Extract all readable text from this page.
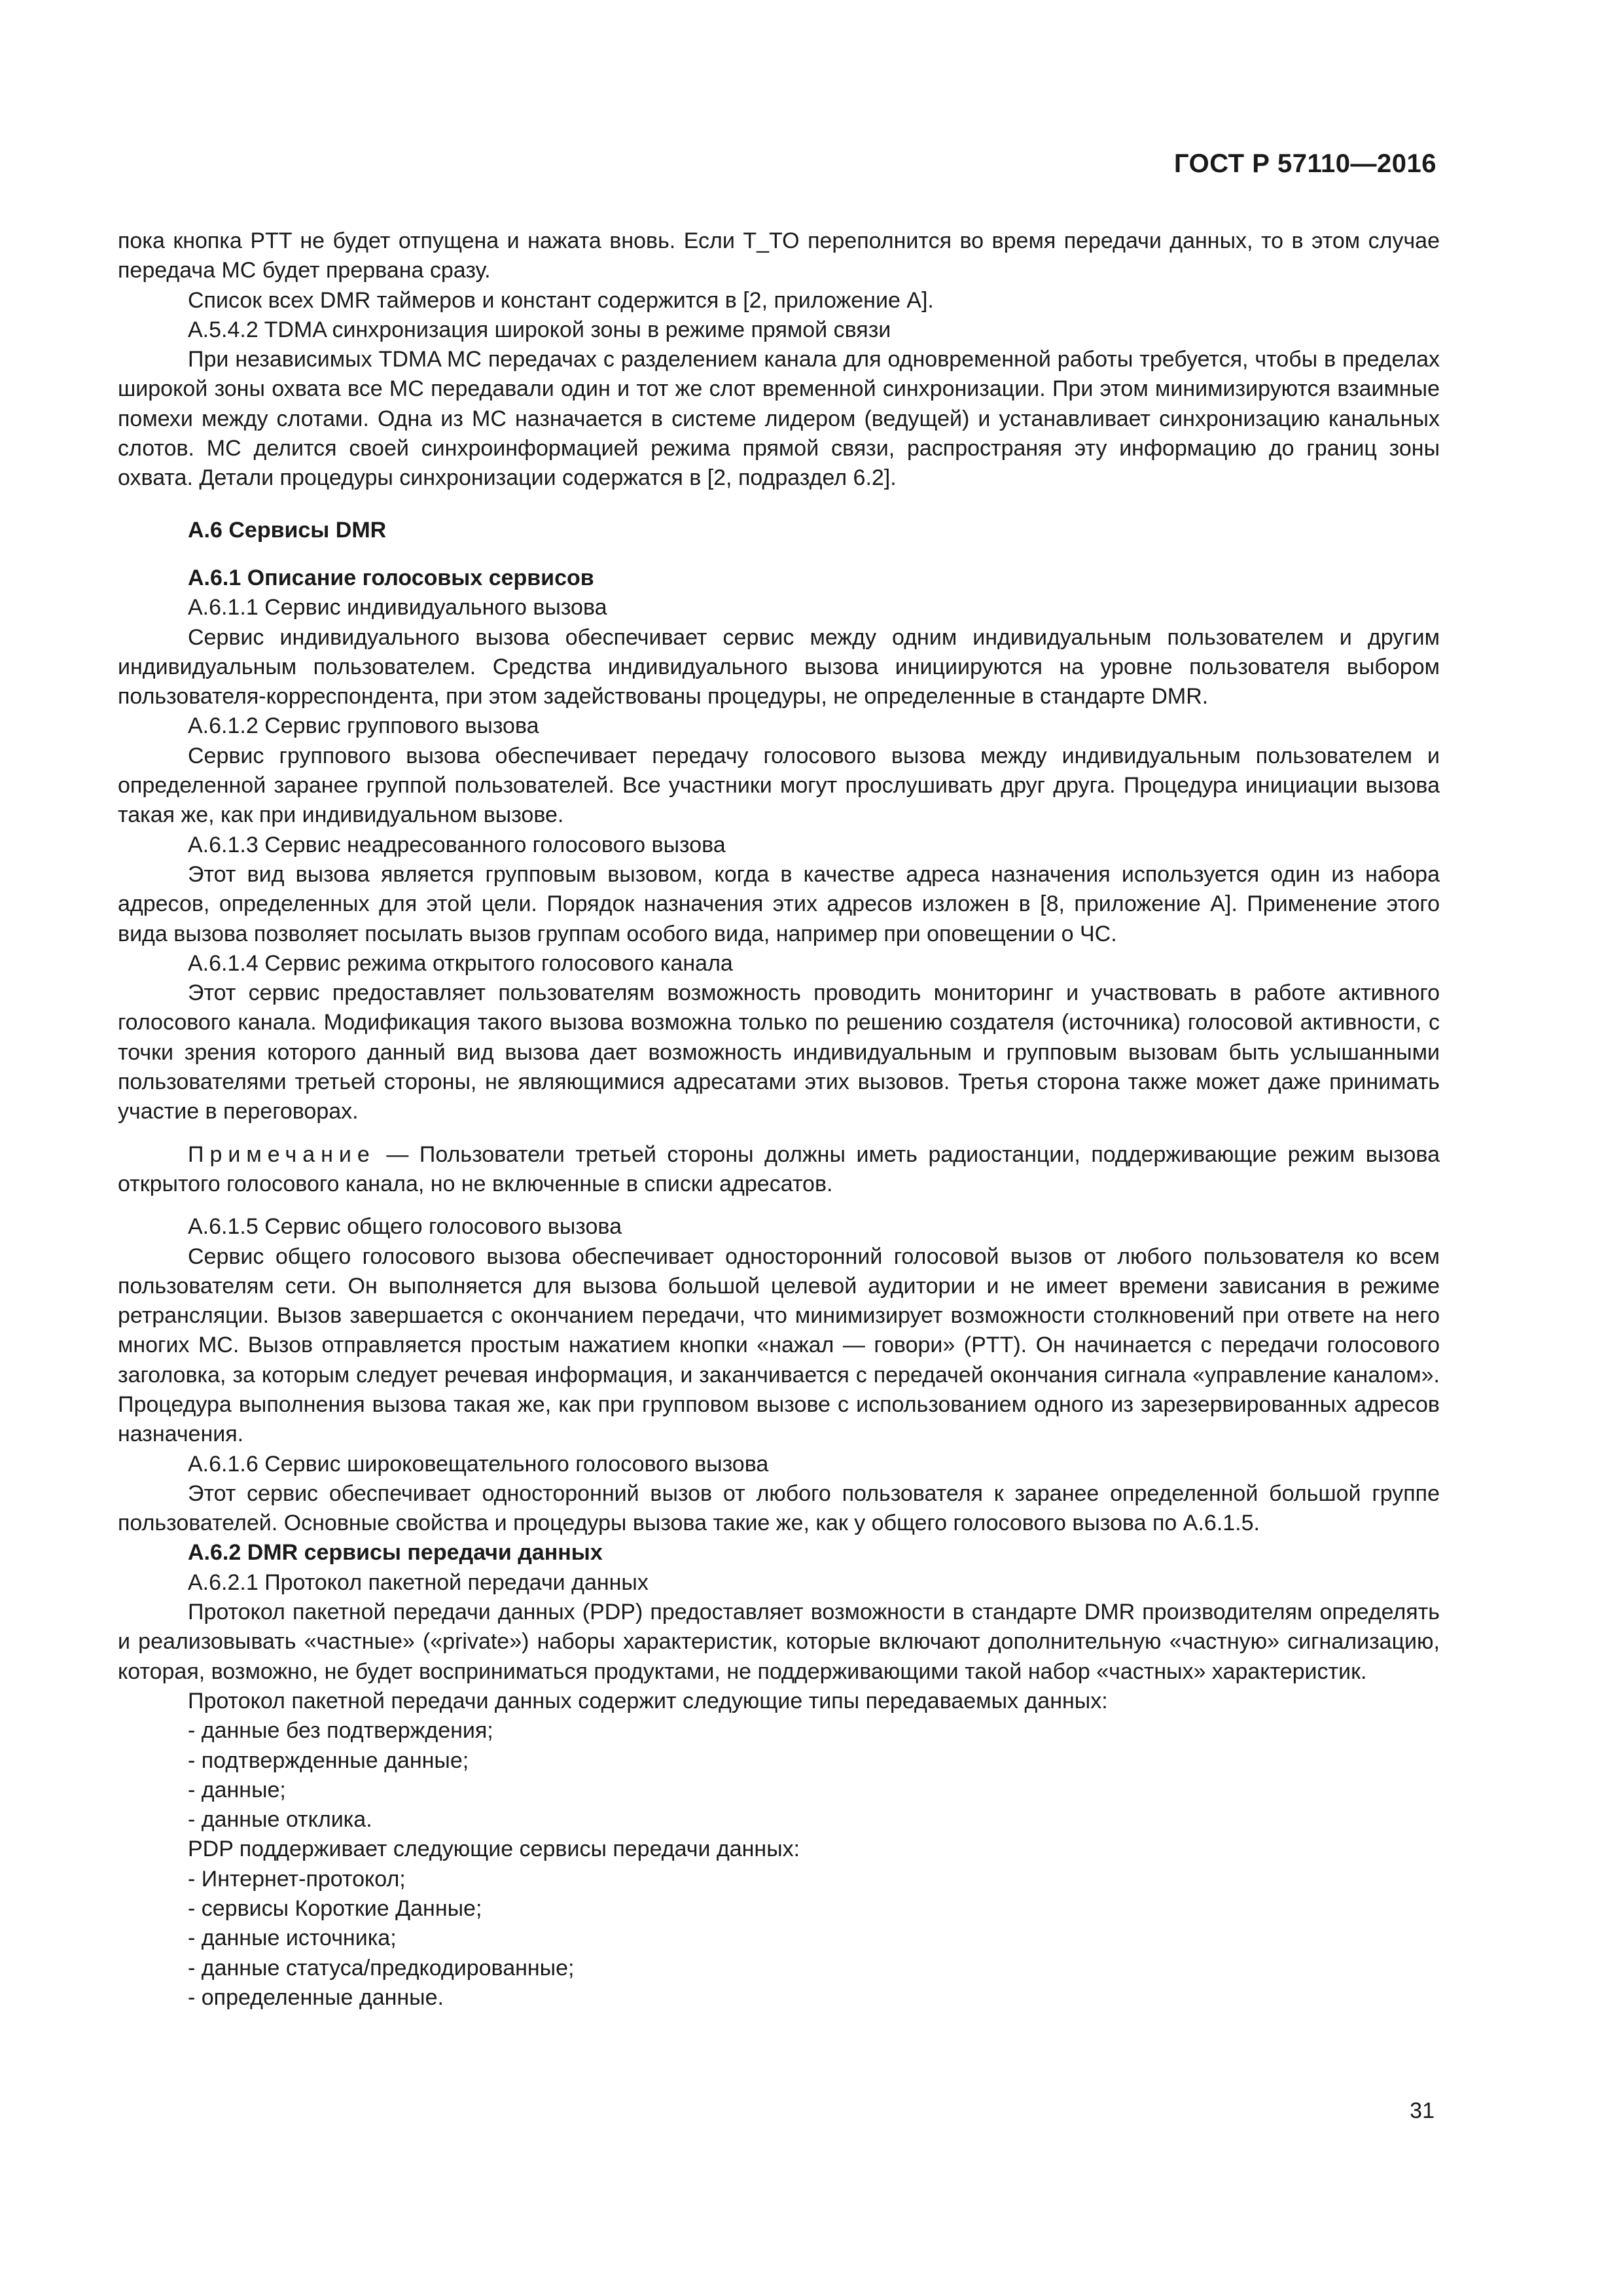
ГОСТ Р 57110—2016
пока кнопка PTT не будет отпущена и нажата вновь. Если T_TO переполнится во время передачи данных, то в этом случае передача МС будет прервана сразу.
Список всех DMR таймеров и констант содержится в [2, приложение A].
A.5.4.2 TDMA синхронизация широкой зоны в режиме прямой связи
При независимых TDMA МС передачах с разделением канала для одновременной работы требуется, чтобы в пределах широкой зоны охвата все МС передавали один и тот же слот временной синхронизации. При этом минимизируются взаимные помехи между слотами. Одна из МС назначается в системе лидером (ведущей) и устанавливает синхронизацию канальных слотов. МС делится своей синхроинформацией режима прямой связи, распространяя эту информацию до границ зоны охвата. Детали процедуры синхронизации содержатся в [2, подраздел 6.2].
A.6 Сервисы DMR
A.6.1 Описание голосовых сервисов
A.6.1.1 Сервис индивидуального вызова
Сервис индивидуального вызова обеспечивает сервис между одним индивидуальным пользователем и другим индивидуальным пользователем. Средства индивидуального вызова инициируются на уровне пользователя выбором пользователя-корреспондента, при этом задействованы процедуры, не определенные в стандарте DMR.
A.6.1.2 Сервис группового вызова
Сервис группового вызова обеспечивает передачу голосового вызова между индивидуальным пользователем и определенной заранее группой пользователей. Все участники могут прослушивать друг друга. Процедура инициации вызова такая же, как при индивидуальном вызове.
A.6.1.3 Сервис неадресованного голосового вызова
Этот вид вызова является групповым вызовом, когда в качестве адреса назначения используется один из набора адресов, определенных для этой цели. Порядок назначения этих адресов изложен в [8, приложение A]. Применение этого вида вызова позволяет посылать вызов группам особого вида, например при оповещении о ЧС.
A.6.1.4 Сервис режима открытого голосового канала
Этот сервис предоставляет пользователям возможность проводить мониторинг и участвовать в работе активного голосового канала. Модификация такого вызова возможна только по решению создателя (источника) голосовой активности, с точки зрения которого данный вид вызова дает возможность индивидуальным и групповым вызовам быть услышанными пользователями третьей стороны, не являющимися адресатами этих вызовов. Третья сторона также может даже принимать участие в переговорах.
Примечание — Пользователи третьей стороны должны иметь радиостанции, поддерживающие режим вызова открытого голосового канала, но не включенные в списки адресатов.
A.6.1.5 Сервис общего голосового вызова
Сервис общего голосового вызова обеспечивает односторонний голосовой вызов от любого пользователя ко всем пользователям сети. Он выполняется для вызова большой целевой аудитории и не имеет времени зависания в режиме ретрансляции. Вызов завершается с окончанием передачи, что минимизирует возможности столкновений при ответе на него многих МС. Вызов отправляется простым нажатием кнопки «нажал — говори» (PTT). Он начинается с передачи голосового заголовка, за которым следует речевая информация, и заканчивается с передачей окончания сигнала «управление каналом». Процедура выполнения вызова такая же, как при групповом вызове с использованием одного из зарезервированных адресов назначения.
A.6.1.6 Сервис широковещательного голосового вызова
Этот сервис обеспечивает односторонний вызов от любого пользователя к заранее определенной большой группе пользователей. Основные свойства и процедуры вызова такие же, как у общего голосового вызова по A.6.1.5.
A.6.2 DMR сервисы передачи данных
A.6.2.1 Протокол пакетной передачи данных
Протокол пакетной передачи данных (PDP) предоставляет возможности в стандарте DMR производителям определять и реализовывать «частные» («private») наборы характеристик, которые включают дополнительную «частную» сигнализацию, которая, возможно, не будет восприниматься продуктами, не поддерживающими такой набор «частных» характеристик.
Протокол пакетной передачи данных содержит следующие типы передаваемых данных:
- данные без подтверждения;
- подтвержденные данные;
- данные;
- данные отклика.
PDP поддерживает следующие сервисы передачи данных:
- Интернет-протокол;
- сервисы Короткие Данные;
- данные источника;
- данные статуса/предкодированные;
- определенные данные.
31
